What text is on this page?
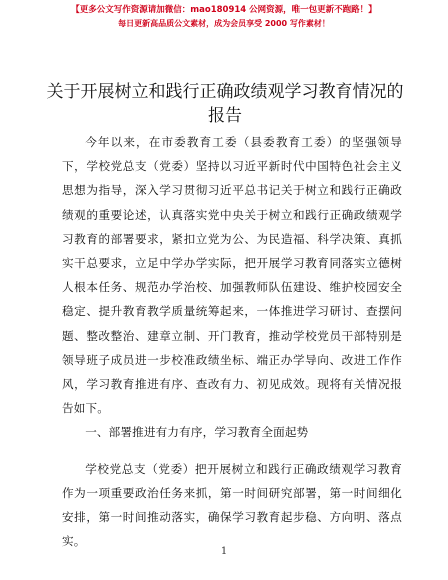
【更多公文写作资源请加微信：mao180914 公网资源，唯一包更新不跑路！】
每日更新高品质公文素材，成为会员享受 2000 写作素材！
关于开展树立和践行正确政绩观学习教育情况的报告

今年以来，在市委教育工委（县委教育工委）的坚强领导下，学校党总支（党委）坚持以习近平新时代中国特色社会主义思想为指导，深入学习贯彻习近平总书记关于树立和践行正确政绩观的重要论述，认真落实党中央关于树立和践行正确政绩观学习教育的部署要求，紧扣立党为公、为民造福、科学决策、真抓实干总要求，立足中学办学实际，把开展学习教育同落实立德树人根本任务、规范办学治校、加强教师队伍建设、维护校园安全稳定、提升教育教学质量统筹起来，一体推进学习研讨、查摆问题、整改整治、建章立制、开门教育，推动学校党员干部特别是领导班子成员进一步校准政绩坐标、端正办学导向、改进工作作风，学习教育推进有序、查改有力、初见成效。现将有关情况报告如下。

一、部署推进有力有序，学习教育全面起势

学校党总支（党委）把开展树立和践行正确政绩观学习教育作为一项重要政治任务来抓，第一时间研究部署，第一时间细化安排，第一时间推动落实，确保学习教育起步稳、方向明、落点实。

1
